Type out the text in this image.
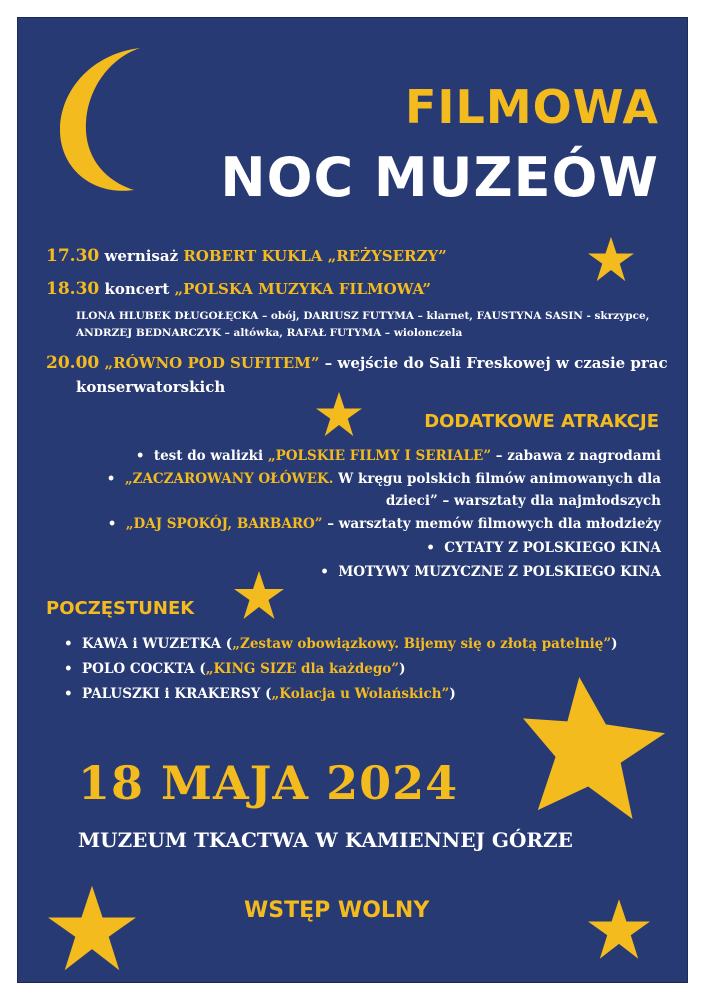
FILMOWA
NOC MUZEÓW
17.30 wernisaż ROBERT KUKLA „REŻYSERZY”
18.30 koncert „POLSKA MUZYKA FILMOWA”
ILONA HLUBEK DŁUGOŁĘCKA – obój, DARIUSZ FUTYMA – klarnet, FAUSTYNA SASIN - skrzypce,
ANDRZEJ BEDNARCZYK – altówka, RAFAŁ FUTYMA – wiolonczela
20.00 „RÓWNO POD SUFITEM” – wejście do Sali Freskowej w czasie prac
konserwatorskich
DODATKOWE ATRAKCJE
•  test do walizki „POLSKIE FILMY I SERIALE” – zabawa z nagrodami
•  „ZACZAROWANY OŁÓWEK. W kręgu polskich filmów animowanych dla
dzieci” – warsztaty dla najmłodszych
•  „DAJ SPOKÓJ, BARBARO” – warsztaty memów filmowych dla młodzieży
•  CYTATY Z POLSKIEGO KINA
•  MOTYWY MUZYCZNE Z POLSKIEGO KINA
POCZĘSTUNEK
•  KAWA i WUZETKA („Zestaw obowiązkowy. Bijemy się o złotą patelnię”)
•  POLO COCKTA („KING SIZE dla każdego”)
•  PALUSZKI i KRAKERSY („Kolacja u Wolańskich”)
18 MAJA 2024
MUZEUM TKACTWA W KAMIENNEJ GÓRZE
WSTĘP WOLNY
